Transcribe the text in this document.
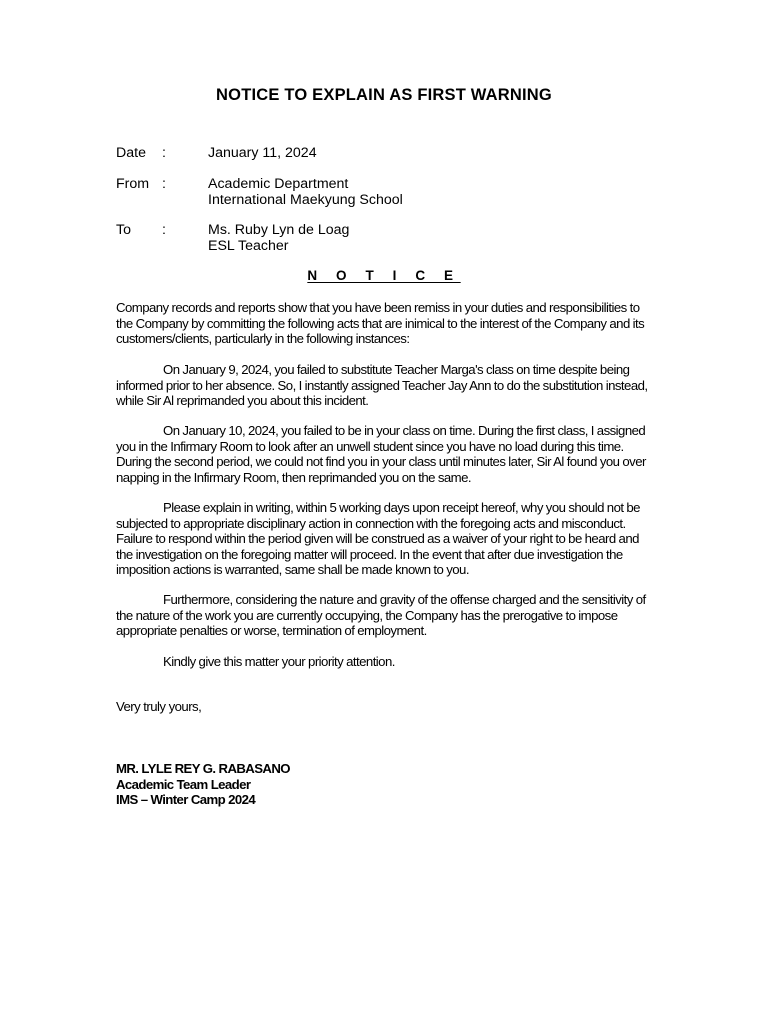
NOTICE TO EXPLAIN AS FIRST WARNING
Date :	January 11, 2024
From :	Academic Department
International Maekyung School
To :	Ms. Ruby Lyn de Loag
ESL Teacher
N O T I C E

Company records and reports show that you have been remiss in your duties and responsibilities to the Company by committing the following acts that are inimical to the interest of the Company and its customers/clients, particularly in the following instances:

On January 9, 2024, you failed to substitute Teacher Marga's class on time despite being informed prior to her absence. So, I instantly assigned Teacher Jay Ann to do the substitution instead, while Sir Al reprimanded you about this incident.

On January 10, 2024, you failed to be in your class on time. During the first class, I assigned you in the Infirmary Room to look after an unwell student since you have no load during this time. During the second period, we could not find you in your class until minutes later, Sir Al found you over napping in the Infirmary Room, then reprimanded you on the same.

Please explain in writing, within 5 working days upon receipt hereof, why you should not be subjected to appropriate disciplinary action in connection with the foregoing acts and misconduct. Failure to respond within the period given will be construed as a waiver of your right to be heard and the investigation on the foregoing matter will proceed. In the event that after due investigation the imposition actions is warranted, same shall be made known to you.

Furthermore, considering the nature and gravity of the offense charged and the sensitivity of the nature of the work you are currently occupying, the Company has the prerogative to impose appropriate penalties or worse, termination of employment.

Kindly give this matter your priority attention.

Very truly yours,
MR. LYLE REY G. RABASANO
Academic Team Leader
IMS – Winter Camp 2024
